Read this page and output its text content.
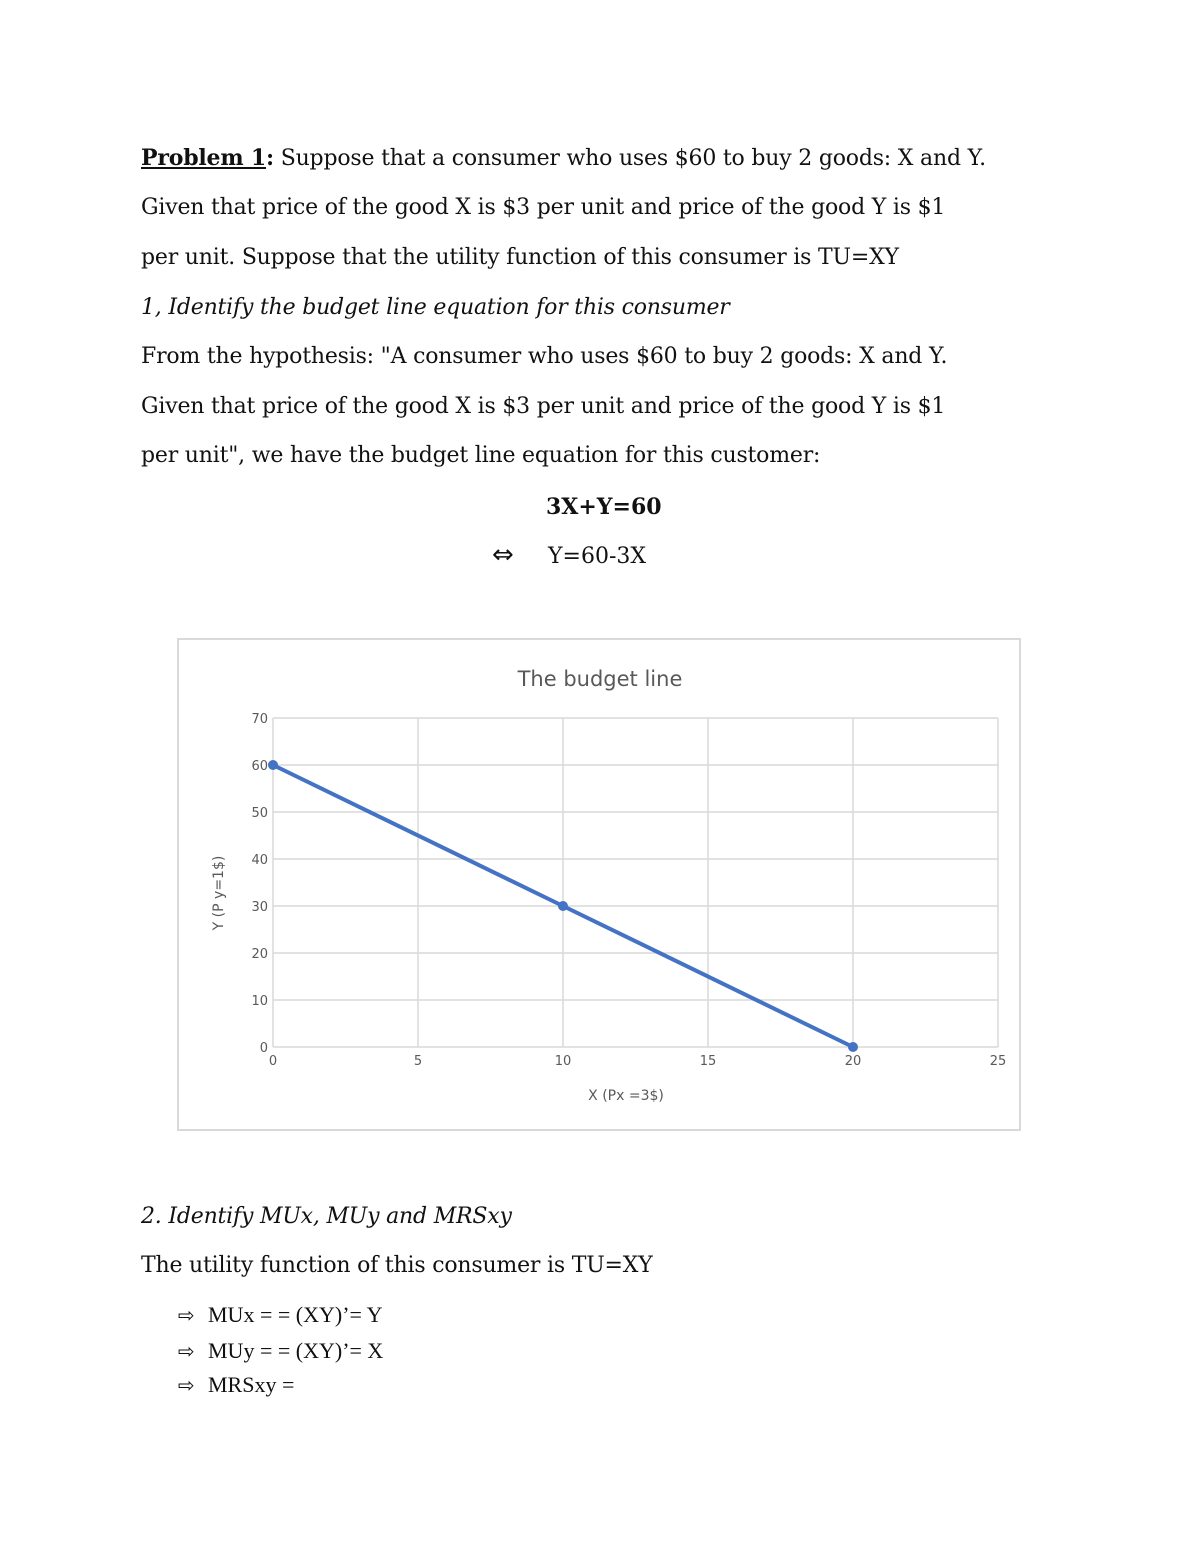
Problem 1: Suppose that a consumer who uses $60 to buy 2 goods: X and Y.
Given that price of the good X is $3 per unit and price of the good Y is $1
per unit. Suppose that the utility function of this consumer is TU=XY
1, Identify the budget line equation for this consumer
From the hypothesis: "A consumer who uses $60 to buy 2 goods: X and Y.
Given that price of the good X is $3 per unit and price of the good Y is $1
per unit", we have the budget line equation for this customer:
3X+Y=60
⇔ Y=60-3X
The budget line
0
10
20
30
40
50
60
70
0	5	10	15	20	25
X (Px =3$)
Y (P y=1$)
2. Identify MUx, MUy and MRSxy
The utility function of this consumer is TU=XY
⇨ MUx = = (XY)’= Y
⇨ MUy = = (XY)’= X
⇨ MRSxy =
